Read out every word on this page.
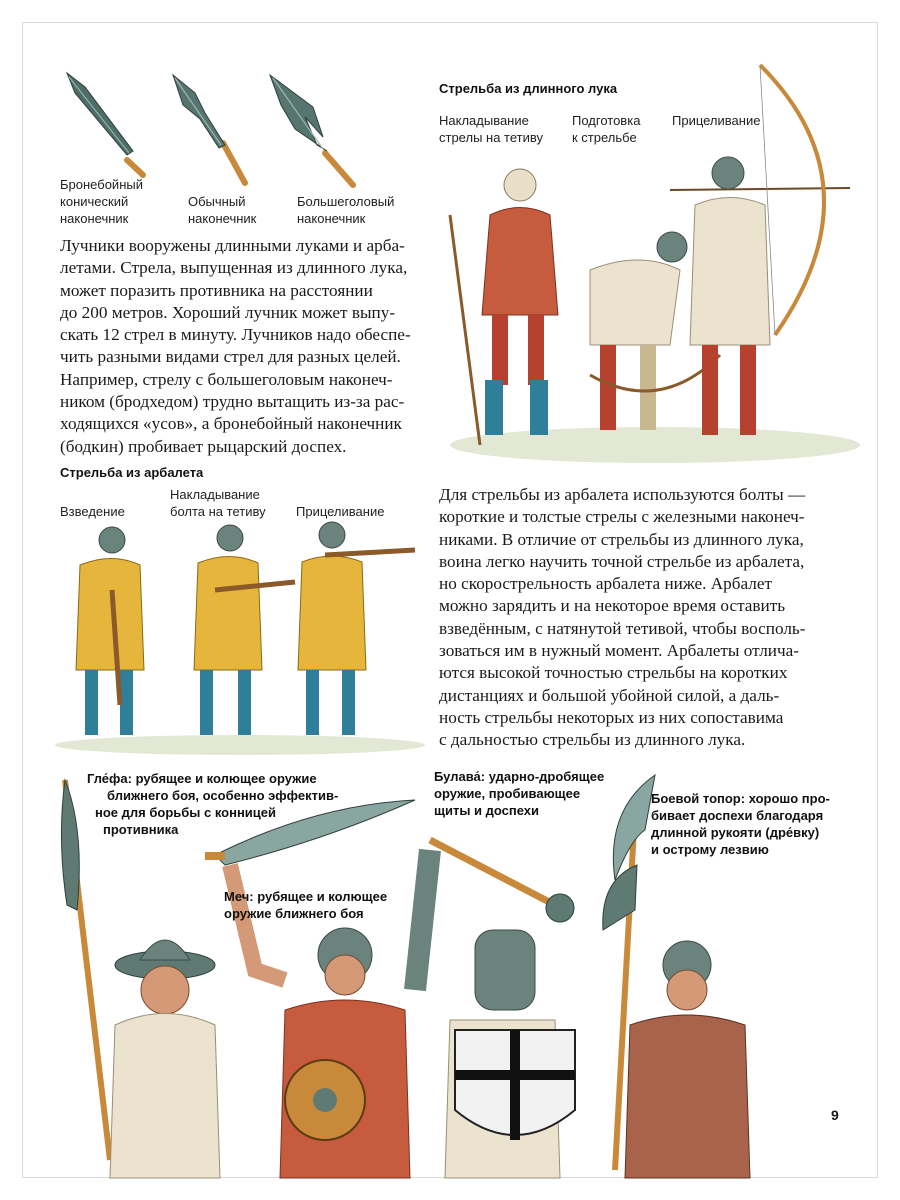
Бронебойный
конический
наконечник
Обычный
наконечник
Большеголовый
наконечник
Стрельба из длинного лука
Накладывание
стрелы на тетиву
Подготовка
к стрельбе
Прицеливание
Лучники вооружены длинными луками и арба-
летами. Стрела, выпущенная из длинного лука,
может поразить противника на расстоянии
до 200 метров. Хороший лучник может выпу-
скать 12 стрел в минуту. Лучников надо обеспе-
чить разными видами стрел для разных целей.
Например, стрелу с большеголовым наконеч-
ником (бродхедом) трудно вытащить из-за рас-
ходящихся «усов», а бронебойный наконечник
(бодкин) пробивает рыцарский доспех.
Стрельба из арбалета
Взведение
Накладывание
болта на тетиву Прицеливание
Для стрельбы из арбалета используются болты —
короткие и толстые стрелы с железными наконеч-
никами. В отличие от стрельбы из длинного лука,
воина легко научить точной стрельбе из арбалета,
но скорострельность арбалета ниже. Арбалет
можно зарядить и на некоторое время оставить
взведённым, с натянутой тетивой, чтобы восполь-
зоваться им в нужный момент. Арбалеты отлича-
ются высокой точностью стрельбы на коротких
дистанциях и большой убойной силой, а даль-
ность стрельбы некоторых из них сопоставима
с дальностью стрельбы из длинного лука.
Гле́фа: рубящее и колющее оружие
ближнего боя, особенно эффектив-
ное для борьбы с конницей
противника
Меч: рубящее и колющее
оружие ближнего боя
Булава́: ударно-дробящее
оружие, пробивающее
щиты и доспехи
Боевой топор: хорошо про-
бивает доспехи благодаря
длинной рукояти (дре́вку)
и острому лезвию
9
